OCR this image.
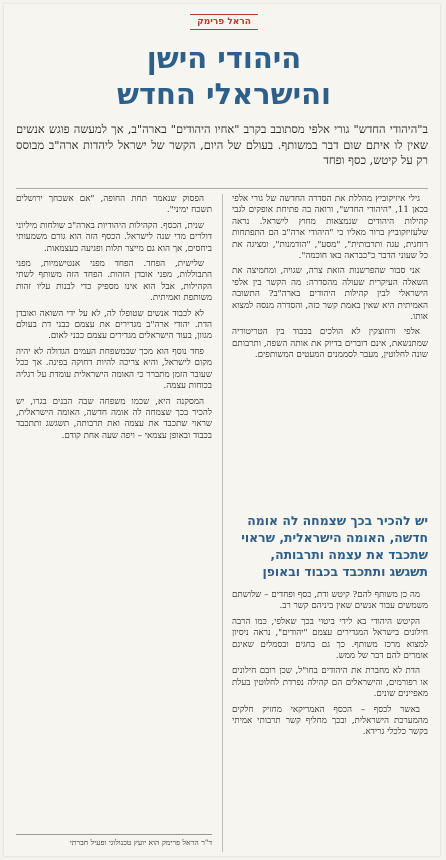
הראל פרימק
היהודי הישן
והישראלי החדש
ב"היהודי החדש" גורי אלפי מסתובב בקרב "אחיו היהודים" בארה"ב, אך למעשה פוגש אנשים שאין לו איתם שום דבר במשותף. בעולם של היום, הקשר של ישראל ליהדות ארה"ב מבוסס רק על קיטש, כסף ופחד

גילי איזיקוביץ מהללת את הסדרה החדשה של גורי אלפי בכאן 11, "היהודי החדש", ורואה בה פתיחת אופקים לגבי קהילות היהודים שנמצאות מחוץ לישראל. נראה שלעזיזקוביץ ברור מאליו כי "היהודי ארה"ב הם התפתחות רוחנית, עגה ותרבותית", "מסע", "הזדמנות", ומציגה את כל שעוני הדבר כ"כבראה באו חוכמה".

אני סבור שהפרשנות הזאת צרה, שגויה, ומחמיצה את השאלה העיקרית שעולה מהסדרה: מה הקשר בין אלפי הישראלי לבין קהילות היהודים בארה"ב? התשובה האמיתית היא שאין באמת קשר כזה, והסדרה מנסה למצוא אותו.

אלפי ורוזוצקין לא הולכים בכבוד בין הטריטוריה שמתנשאת, אינם דוברים בדיוק את אותה השפה, ותרבותם שונה לחלוטין, מעבר לסממנים המעטים המשותפים.

יש להכיר בכך שצמחה לה אומה חדשה, האומה הישראלית, שראוי שתכבד את עצמה ותרבותה, תשגשג ותתכבד בכבוד ובאופן

מה כן משותף להם? קיטש ודת, כסף ופחדים – שלושתם משמשים עבור אנשים שאין ביניהם קשר רב.

הקיטש היהודי בא לידי ביטוי בכך שאלפי, כמו הרבה חילונים בישראל המגדירים עצמם "יהודים", נראה ניסיון למצוא מרכז משותף. כך גם בחגים ובסמלים שאינם אומרים להם דבר של ממש.

הדת לא מחברת את היהודים בחו"ל, שכן רובם חילונים או רפורמים, והישראלים הם קהילה נפרדת לחלוטין בעלת מאפיינים שונים.

באשר לכסף – הכסף האמריקאי מחזיק חלקים מהמערכת הישראלית, ובכך מחליף קשר תרבותי אמיתי בקשר כלכלי גרידא.

הפסוק שנאמר תחת החופה, "אם אשכחך ירושלים תשכח ימיני".

שנית, הכסף. הקהילות היהודיות בארה"ב שולחות מיליוני דולרים מדי שנה לישראל. הכסף הזה הוא גורם משמעותי ביחסים, אך הוא גם מייצר תלות ופגיעה בעצמאות.

שלישית, הפחד. הפחד מפני אנטישמיות, מפני התבוללות, מפני אובדן הזהות. הפחד הזה משותף לשתי הקהילות, אבל הוא אינו מספיק כדי לבנות עליו זהות משותפת ואמיתית.

לא לכבוד אנשים שטופלו לה, לא על ידי השואה ואובדן הדת. יהודי ארה"ב מגדירים את עצמם כבני דת בעולם מגוון, בעוד הישראלים מגדירים עצמם כבני לאום.

פחד נוסף הוא מכך שבמשפחת העמים הגדולה לא יהיה מקום לישראל, והיא צריכה להיות דחוקה בפינה. אך ככל שעובר הזמן מתברר כי האומה הישראלית עומדת על רגליה בכוחות עצמה.

המסקנה היא, שכמו משפחה שבה הבנים בגרו, יש להכיר בכך שצמחה לה אומה חדשה, האומה הישראלית, שראוי שתכבד את עצמה ואת תרבותה, תשגשג ותתכבד בכבוד ובאופן עצמאי – ויפה שעה אחת קודם.

ד"ר הראל פרימק הוא יועץ טכנולוגי ופעיל חברתי
